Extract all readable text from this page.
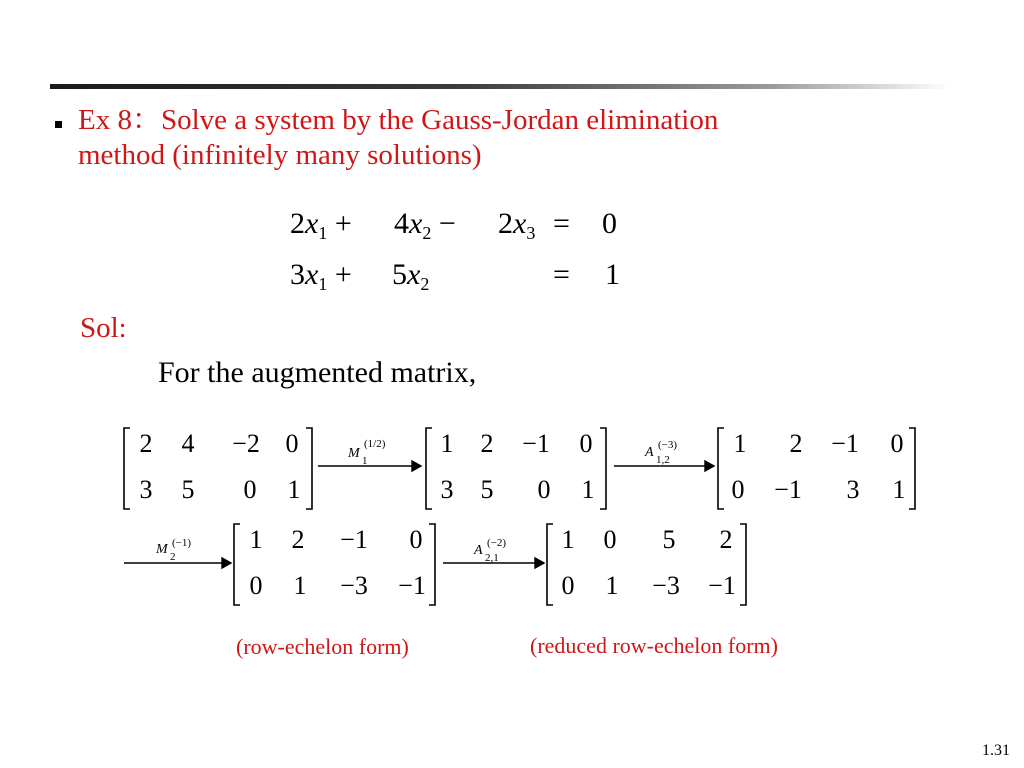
Ex 8：Solve a system by the Gauss-Jordan elimination
method (infinitely many solutions)
$2x_1 + 4x_2 - 2x_3 = 0$
$3x_1 + 5x_2$	= 1
Sol:
For the augmented matrix,
M 1
(1/2)
A 1,2
(−3)
M 2
(−1)	A 2,1
(−2)
2	4	−2 0
3	5	0	1
1	2	−1	0
3	5	0	1
1	2	−1	0
0	−1	3	1
1	2	−1	0
0	1	−3 −1
1	0	5	2
0	1	−3 −1
(row-echelon form)	(reduced row-echelon form)
1.31
